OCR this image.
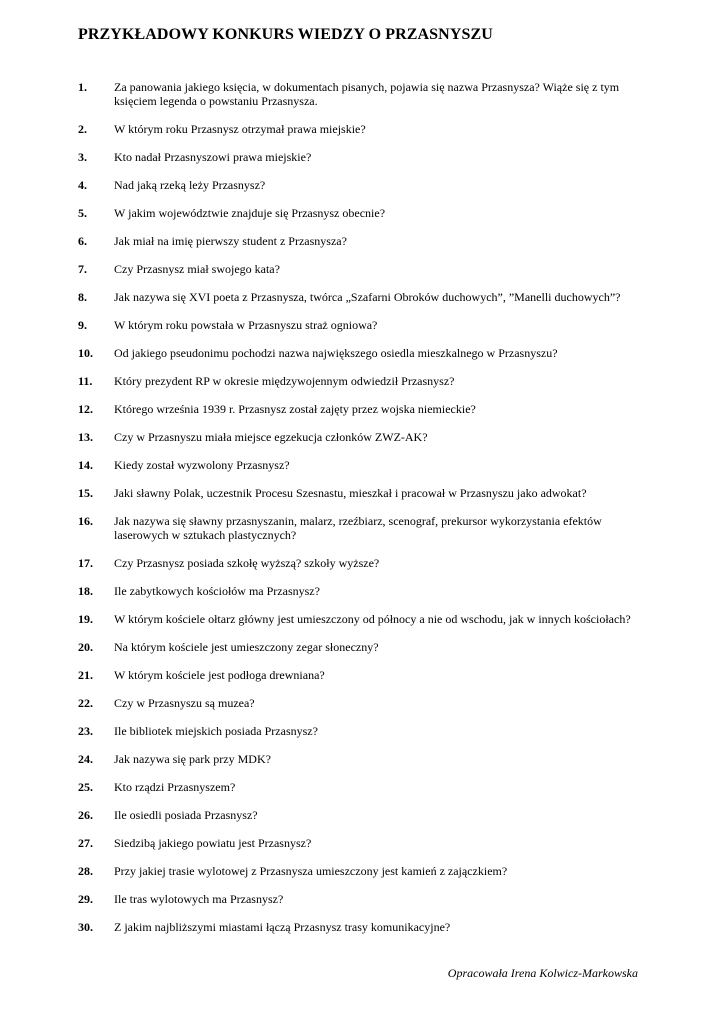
PRZYKŁADOWY KONKURS WIEDZY O PRZASNYSZU
1. Za panowania jakiego księcia, w dokumentach pisanych, pojawia się nazwa Przasnysza? Wiąże się z tym księciem legenda o powstaniu Przasnysza.
2. W którym roku Przasnysz otrzymał prawa miejskie?
3. Kto nadał Przasnyszowi prawa miejskie?
4. Nad jaką rzeką leży Przasnysz?
5. W jakim województwie znajduje się Przasnysz obecnie?
6. Jak miał na imię pierwszy student z Przasnysza?
7. Czy Przasnysz miał swojego kata?
8. Jak nazywa się XVI poeta z Przasnysza, twórca „Szafarni Obroków duchowych”, ”Manelli duchowych”?
9. W którym roku powstała w Przasnyszu straż ogniowa?
10. Od jakiego pseudonimu pochodzi nazwa największego osiedla mieszkalnego w Przasnyszu?
11. Który prezydent RP w okresie międzywojennym odwiedził Przasnysz?
12. Którego września 1939 r. Przasnysz został zajęty przez wojska niemieckie?
13. Czy w Przasnyszu miała miejsce egzekucja członków ZWZ-AK?
14. Kiedy został wyzwolony Przasnysz?
15. Jaki sławny Polak, uczestnik Procesu Szesnastu, mieszkał i pracował w Przasnyszu jako adwokat?
16. Jak nazywa się sławny przasnyszanin, malarz, rzeźbiarz, scenograf, prekursor wykorzystania efektów laserowych w sztukach plastycznych?
17. Czy Przasnysz posiada szkołę wyższą? szkoły wyższe?
18. Ile zabytkowych kościołów ma Przasnysz?
19. W którym kościele ołtarz główny jest umieszczony od północy a nie od wschodu, jak w innych kościołach?
20. Na którym kościele jest umieszczony zegar słoneczny?
21. W którym kościele jest podłoga drewniana?
22. Czy w Przasnyszu są muzea?
23. Ile bibliotek miejskich posiada Przasnysz?
24. Jak nazywa się park przy MDK?
25. Kto rządzi Przasnyszem?
26. Ile osiedli posiada Przasnysz?
27. Siedzibą jakiego powiatu jest Przasnysz?
28. Przy jakiej trasie wylotowej z Przasnysza umieszczony jest kamień z zajączkiem?
29. Ile tras wylotowych ma Przasnysz?
30. Z jakim najbliższymi miastami łączą Przasnysz trasy komunikacyjne?
Opracowała Irena Kolwicz-Markowska
